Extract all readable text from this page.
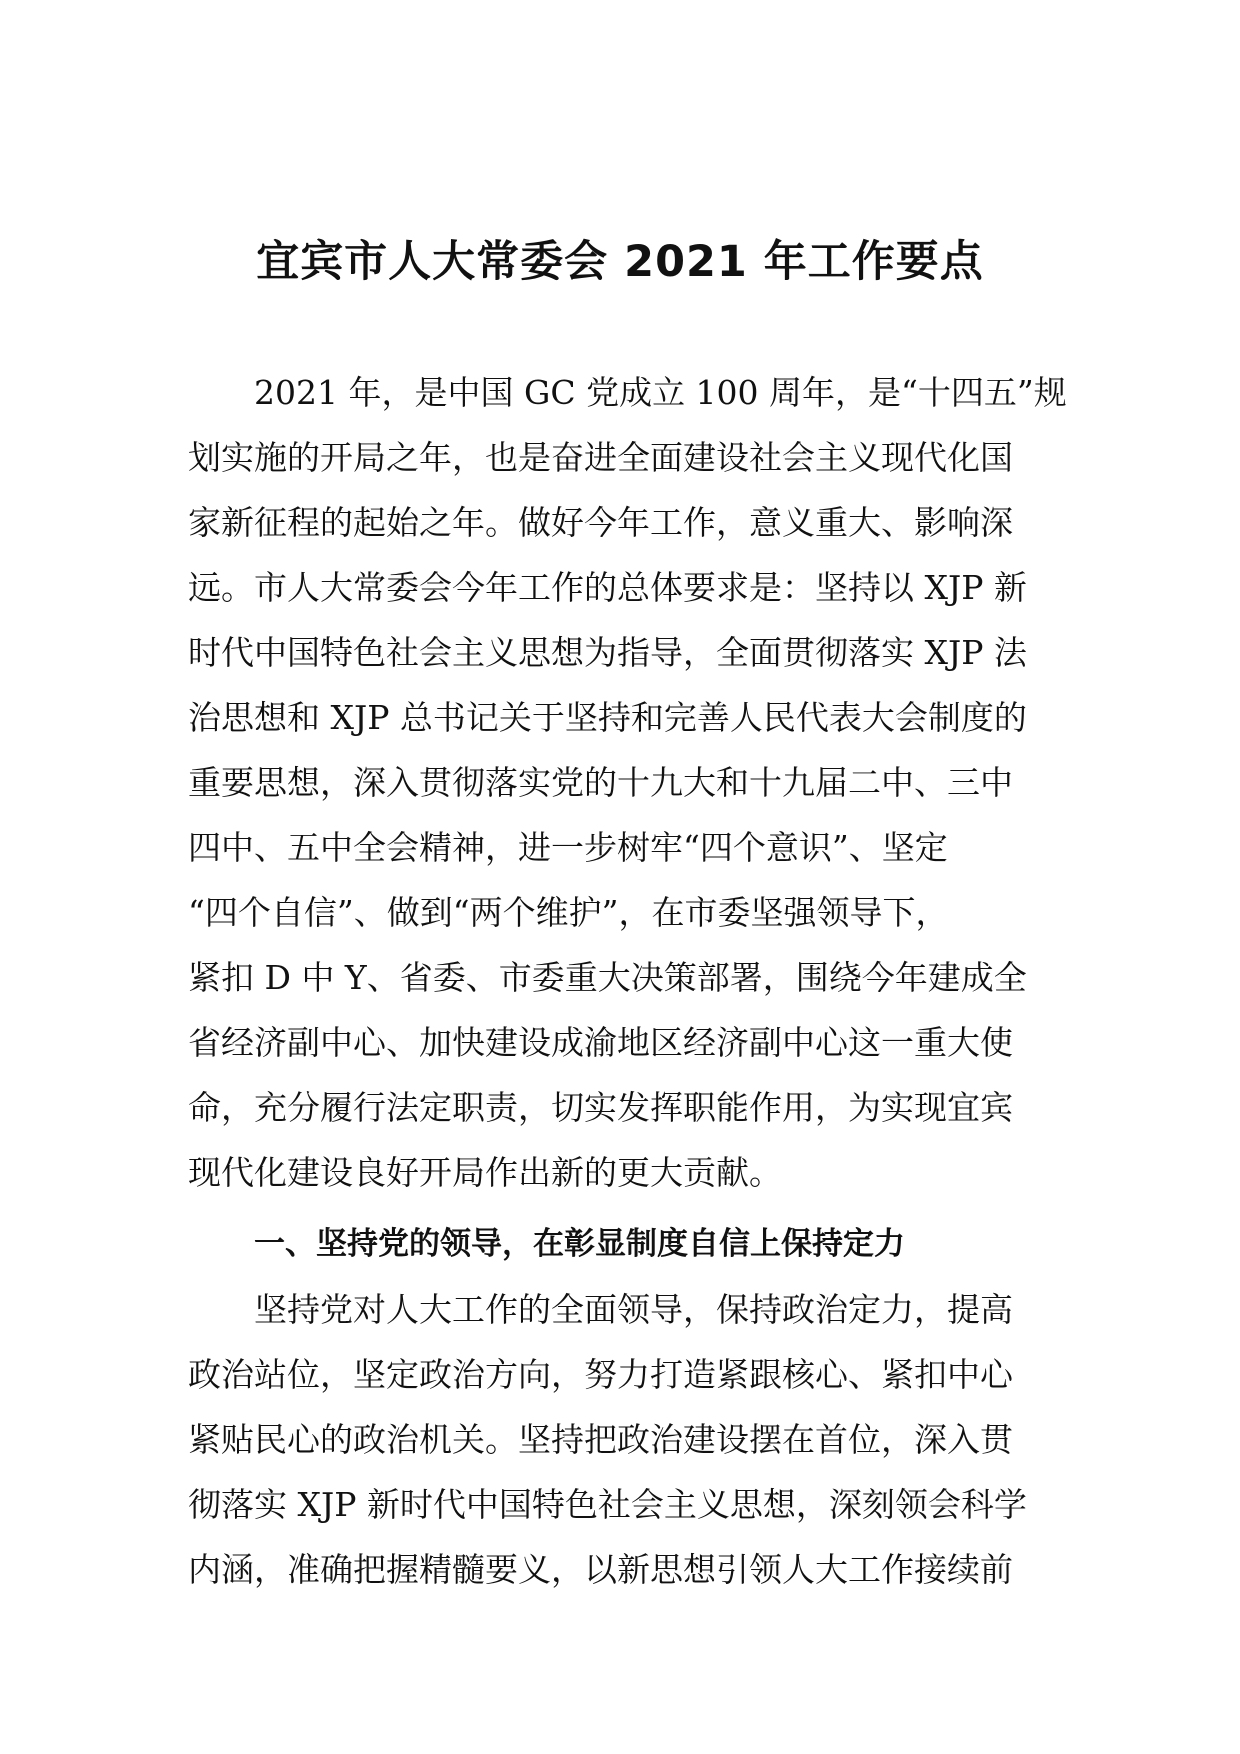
宜宾市人大常委会 2021 年工作要点
2021 年，是中国 GC 党成立 100 周年，是“十四五”规
划实施的开局之年，也是奋进全面建设社会主义现代化国
家新征程的起始之年。做好今年工作，意义重大、影响深
远。市人大常委会今年工作的总体要求是：坚持以 XJP 新
时代中国特色社会主义思想为指导，全面贯彻落实 XJP 法
治思想和 XJP 总书记关于坚持和完善人民代表大会制度的
重要思想，深入贯彻落实党的十九大和十九届二中、三中
四中、五中全会精神，进一步树牢“四个意识”、坚定
“四个自信”、做到“两个维护”，在市委坚强领导下，
紧扣 D 中 Y、省委、市委重大决策部署，围绕今年建成全
省经济副中心、加快建设成渝地区经济副中心这一重大使
命，充分履行法定职责，切实发挥职能作用，为实现宜宾
现代化建设良好开局作出新的更大贡献。
一、坚持党的领导，在彰显制度自信上保持定力
坚持党对人大工作的全面领导，保持政治定力，提高
政治站位，坚定政治方向，努力打造紧跟核心、紧扣中心
紧贴民心的政治机关。坚持把政治建设摆在首位，深入贯
彻落实 XJP 新时代中国特色社会主义思想，深刻领会科学
内涵，准确把握精髓要义，以新思想引领人大工作接续前
